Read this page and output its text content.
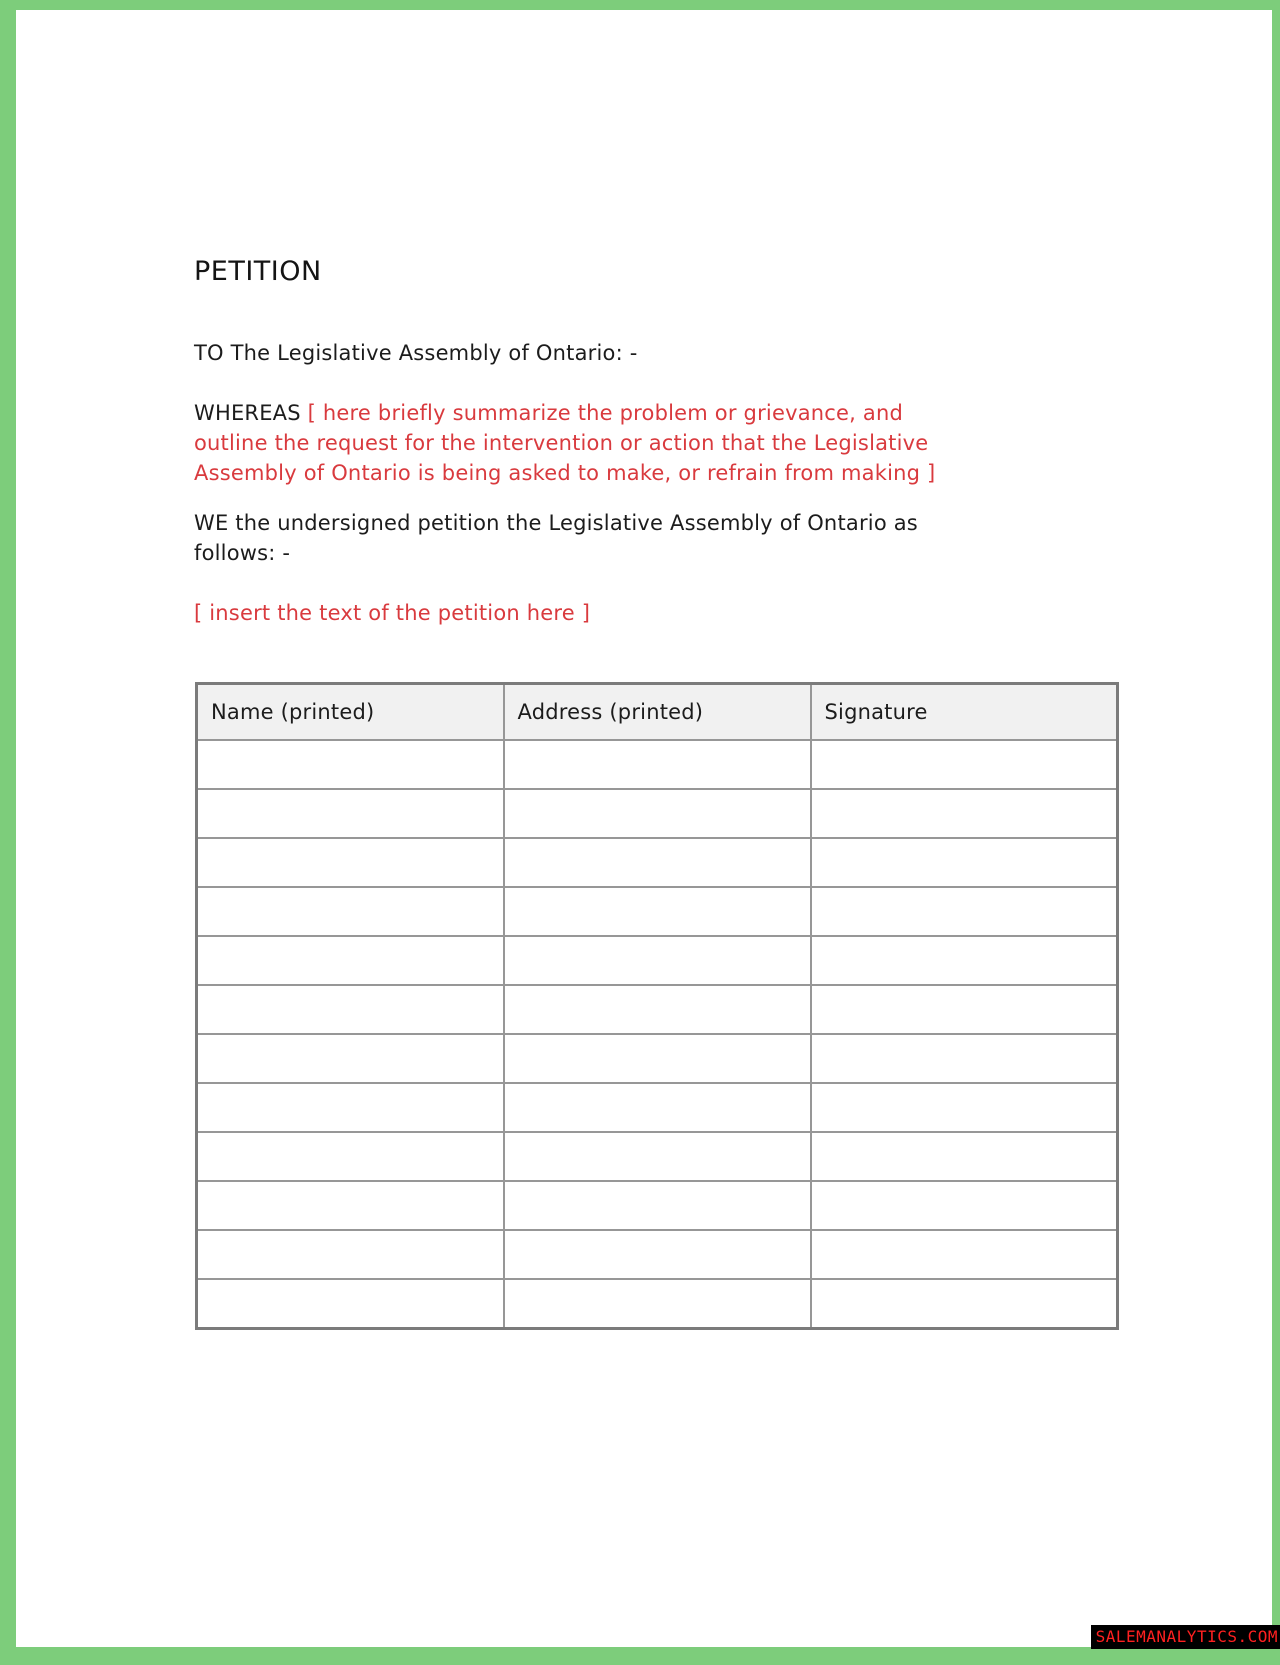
PETITION
TO The Legislative Assembly of Ontario: -
WHEREAS [ here briefly summarize the problem or grievance, and
outline the request for the intervention or action that the Legislative
Assembly of Ontario is being asked to make, or refrain from making ]
WE the undersigned petition the Legislative Assembly of Ontario as
follows: -
[ insert the text of the petition here ]
Name (printed)	Address (printed)	Signature

SALEMANALYTICS.COM
